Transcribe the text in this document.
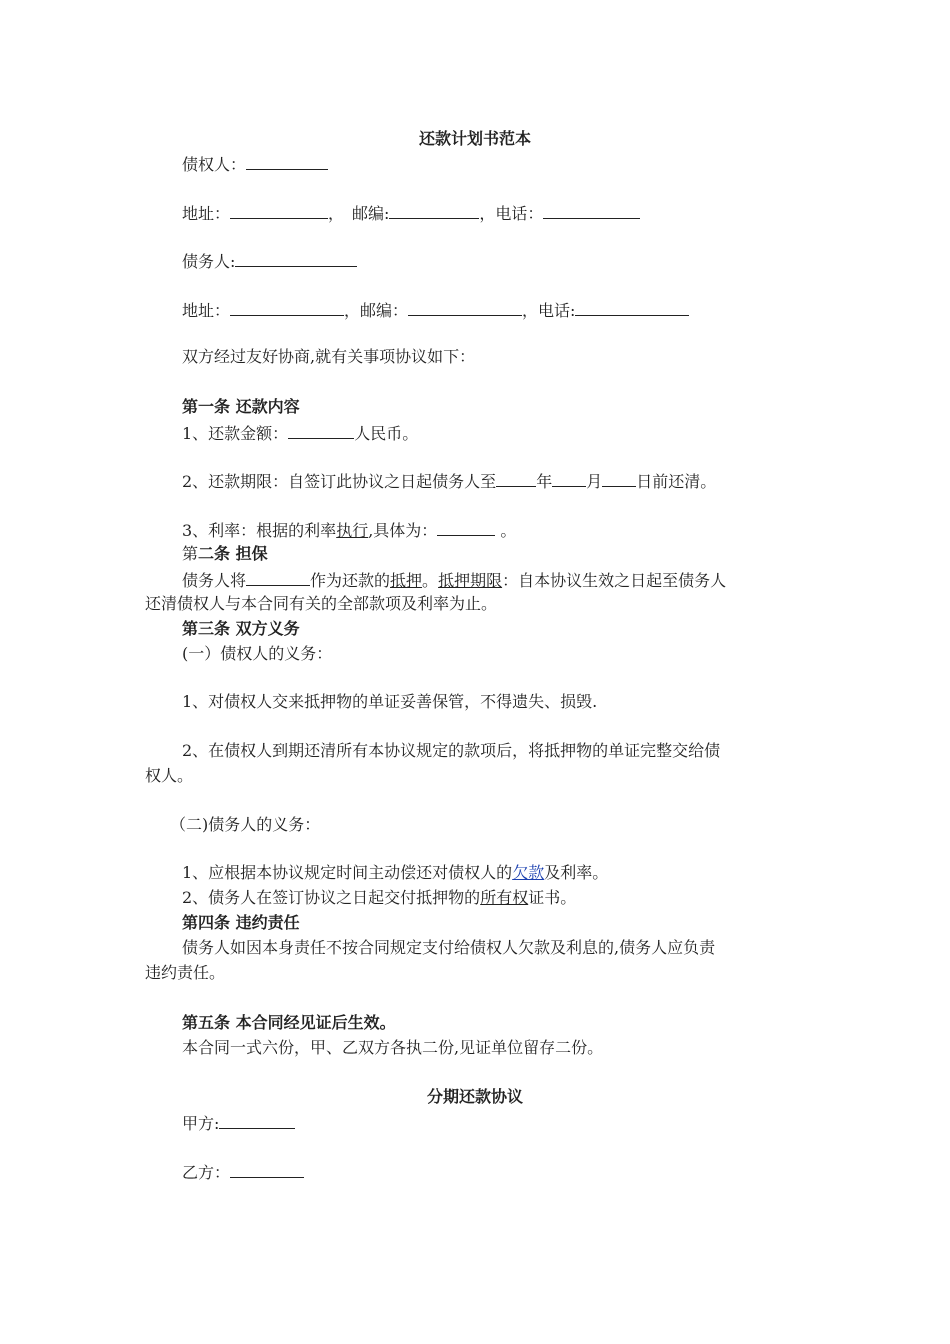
还款计划书范本
债权人：
地址：	，　邮编:	，电话：
债务人:
地址：	，邮编：	，电话:
双方经过友好协商,就有关事项协议如下：
第一条 还款内容
1、还款金额：	人民币。
2、还款期限：自签订此协议之日起债务人至	年 月 日前还清。
3、利率：根据的利率执行,具体为：	。
第二条 担保
债务人将	作为还款的抵押。抵押期限：自本协议生效之日起至债务人
还清债权人与本合同有关的全部款项及利率为止。
第三条 双方义务
(一）债权人的义务：
1、对债权人交来抵押物的单证妥善保管，不得遗失、损毁.
2、在债权人到期还清所有本协议规定的款项后，将抵押物的单证完整交给债
权人。
（二)债务人的义务：
1、应根据本协议规定时间主动偿还对债权人的欠款及利率。
2、债务人在签订协议之日起交付抵押物的所有权证书。
第四条 违约责任
债务人如因本身责任不按合同规定支付给债权人欠款及利息的,债务人应负责
违约责任。
第五条 本合同经见证后生效。
本合同一式六份，甲、乙双方各执二份,见证单位留存二份。
分期还款协议
甲方:
乙方：
